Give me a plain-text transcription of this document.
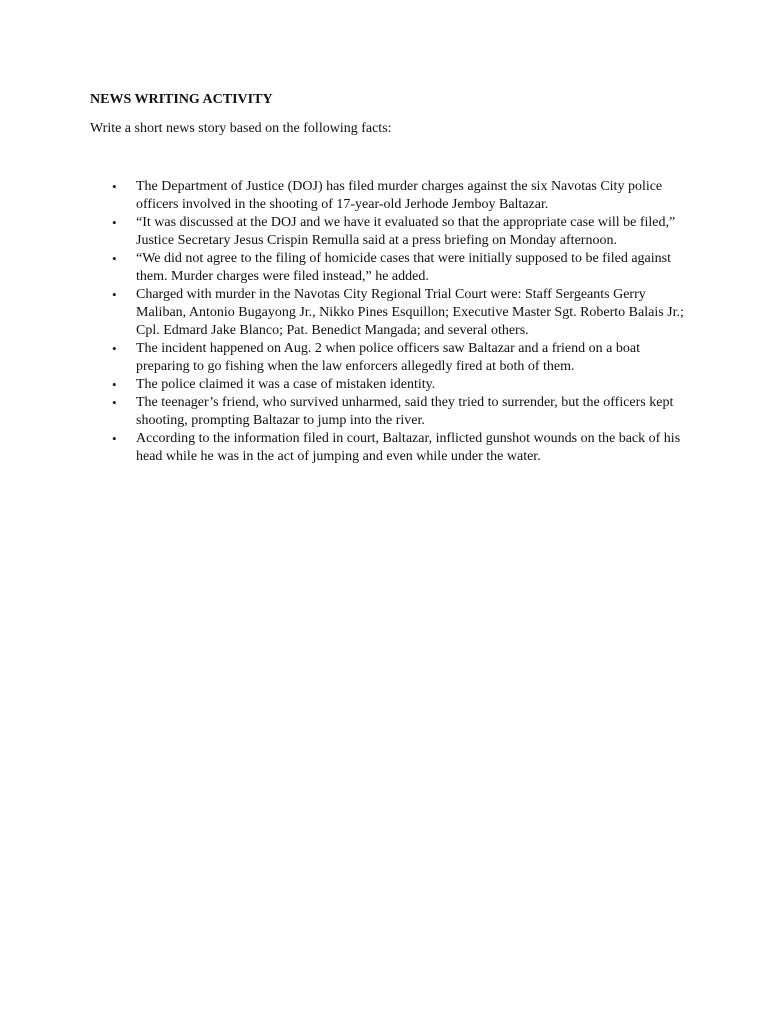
NEWS WRITING ACTIVITY

Write a short news story based on the following facts:

• The Department of Justice (DOJ) has filed murder charges against the six Navotas City police officers involved in the shooting of 17-year-old Jerhode Jemboy Baltazar.
• “It was discussed at the DOJ and we have it evaluated so that the appropriate case will be filed,” Justice Secretary Jesus Crispin Remulla said at a press briefing on Monday afternoon.
• “We did not agree to the filing of homicide cases that were initially supposed to be filed against them. Murder charges were filed instead,” he added.
• Charged with murder in the Navotas City Regional Trial Court were: Staff Sergeants Gerry Maliban, Antonio Bugayong Jr., Nikko Pines Esquillon; Executive Master Sgt. Roberto Balais Jr.; Cpl. Edmard Jake Blanco; Pat. Benedict Mangada; and several others.
• The incident happened on Aug. 2 when police officers saw Baltazar and a friend on a boat preparing to go fishing when the law enforcers allegedly fired at both of them.
• The police claimed it was a case of mistaken identity.
• The teenager’s friend, who survived unharmed, said they tried to surrender, but the officers kept shooting, prompting Baltazar to jump into the river.
• According to the information filed in court, Baltazar, inflicted gunshot wounds on the back of his head while he was in the act of jumping and even while under the water.
